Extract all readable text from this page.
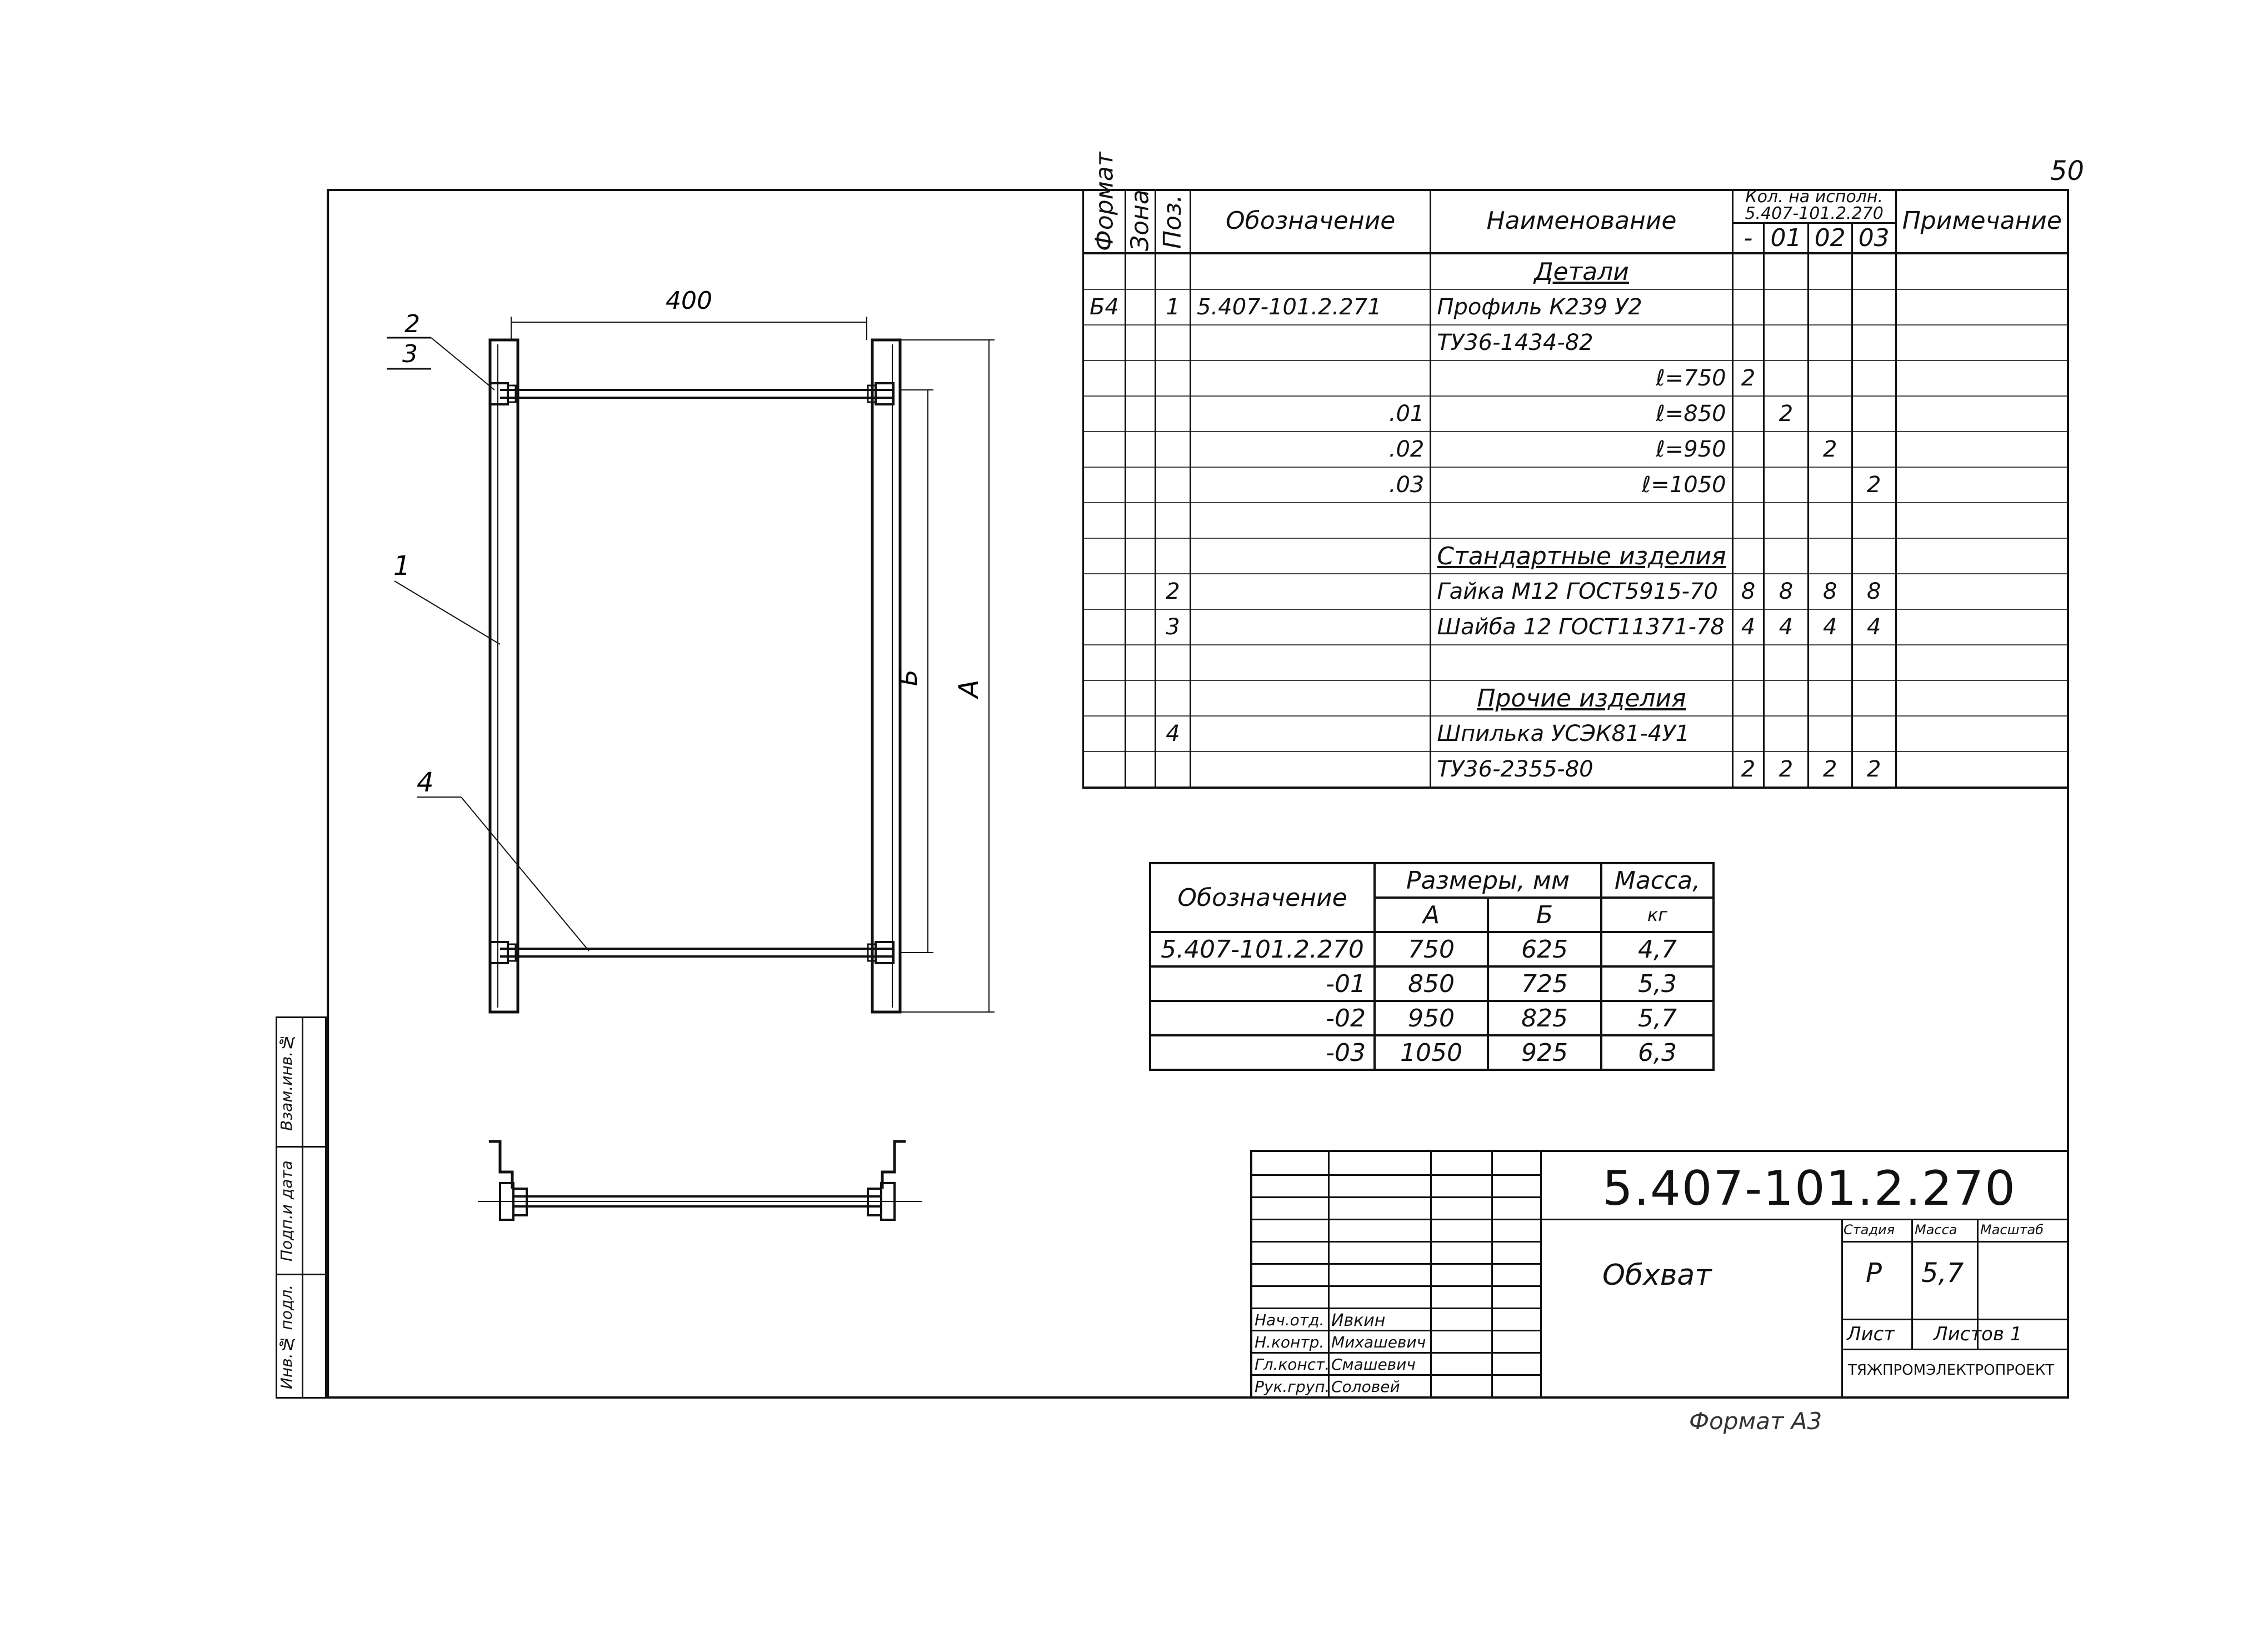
50
Взам.инв.№
Подп.и дата
Инв.№ подл.
400
Б
А
2
3
1
4
Формат	Зона	Поз.	Обозначение	Наименование	Кол. на исполн. 5.407-101.2.270				Примечание
					-	01	02	03	
				Детали					
Б4		1	5.407-101.2.271	Профиль К239 У2					
				ТУ36-1434-82					
				ℓ=750	2				
			.01	ℓ=850		2			
			.02	ℓ=950			2		
			.03	ℓ=1050				2	

				Стандартные изделия					
		2		Гайка М12 ГОСТ5915-70	8	8	8	8	
		3		Шайба 12 ГОСТ11371-78	4	4	4	4	

				Прочие изделия					
		4		Шпилька УСЭК81-4У1					
				ТУ36-2355-80	2	2	2	2	
Обозначение	Размеры, мм		Масса,
	А	Б	кг
5.407-101.2.270	750	625	4,7
-01	850	725	5,3
-02	950	825	5,7
-03	1050	925	6,3
Нач.отд. Ивкин
Н.контр. Михашевич
Гл.конст. Смашевич
Рук.груп. Соловей
5.407-101.2.270
Обхват
Стадия Масса Масштаб
Р 5,7
Лист Листов 1
ТЯЖПРОМЭЛЕКТРОПРОЕКТ
Формат А3
